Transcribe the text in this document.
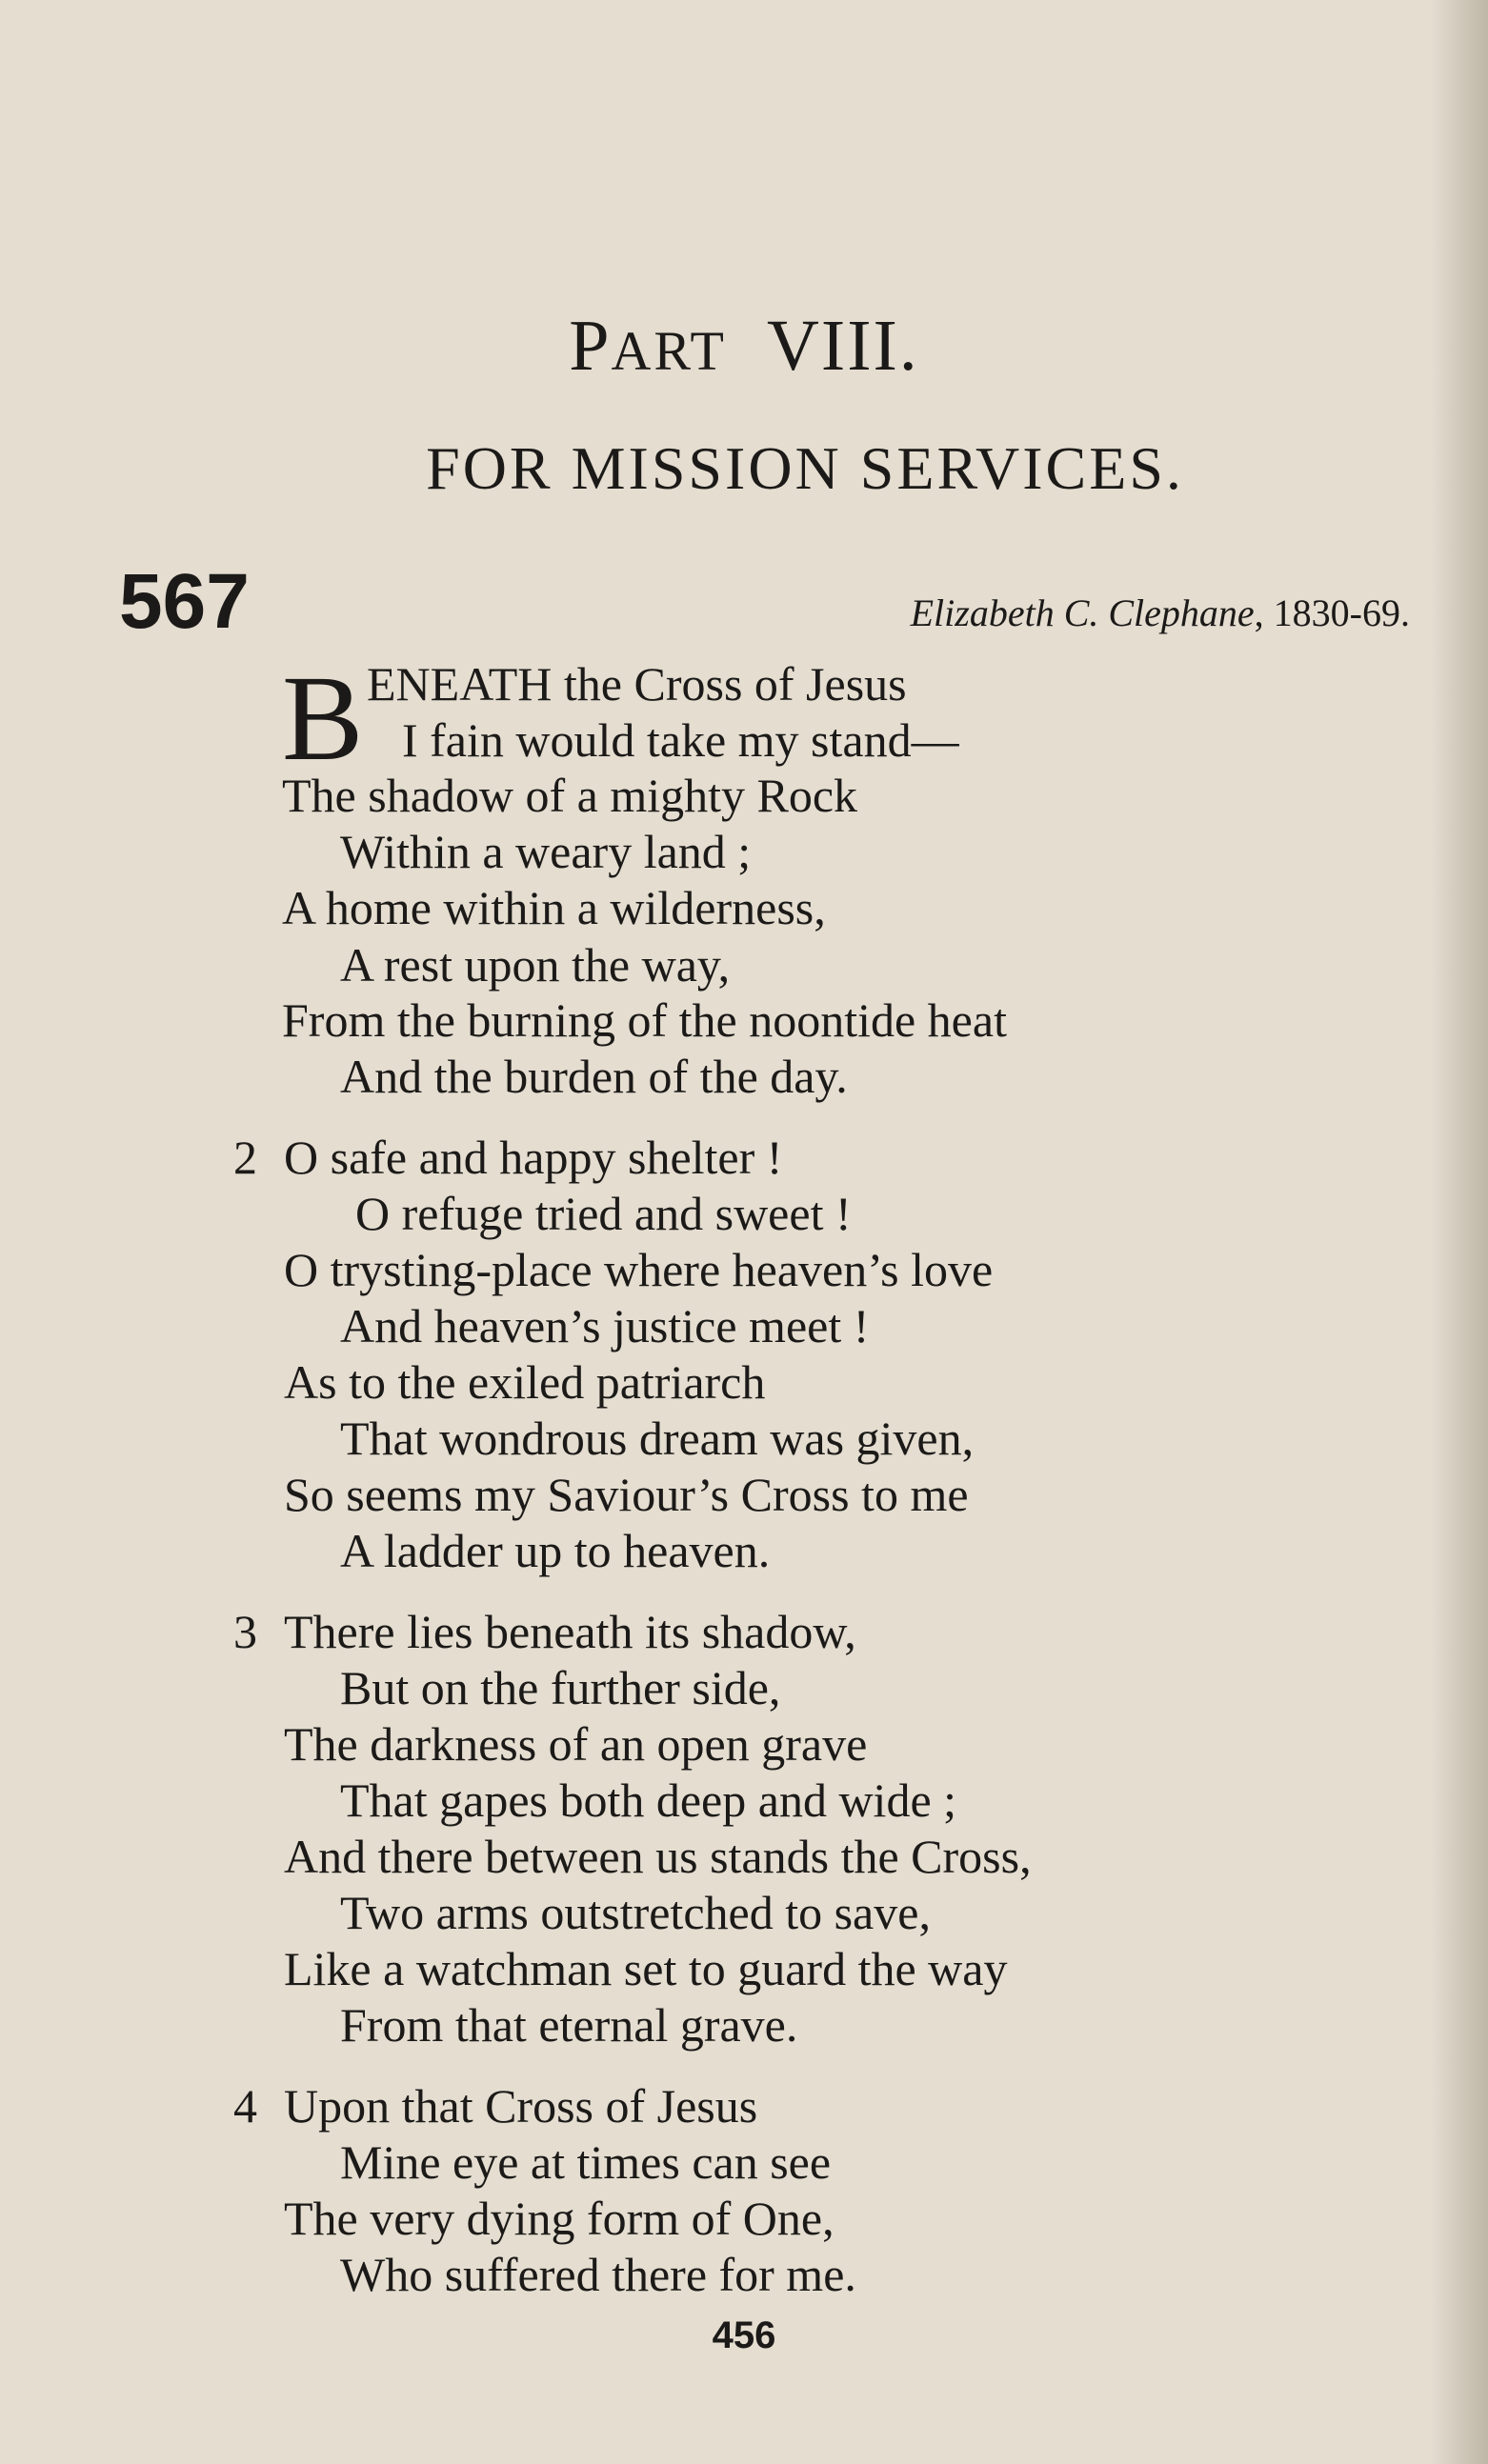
PART VIII.
FOR MISSION SERVICES.
567	Elizabeth C. Clephane, 1830-69.
B ENEATH the Cross of Jesus
I fain would take my stand—
The shadow of a mighty Rock
Within a weary land ;
A home within a wilderness,
A rest upon the way,
From the burning of the noontide heat
And the burden of the day.
2 O safe and happy shelter !
O refuge tried and sweet !
O trysting-place where heaven’s love
And heaven’s justice meet !
As to the exiled patriarch
That wondrous dream was given,
So seems my Saviour’s Cross to me
A ladder up to heaven.
3 There lies beneath its shadow,
But on the further side,
The darkness of an open grave
That gapes both deep and wide ;
And there between us stands the Cross,
Two arms outstretched to save,
Like a watchman set to guard the way
From that eternal grave.
4 Upon that Cross of Jesus
Mine eye at times can see
The very dying form of One,
Who suffered there for me.
456
